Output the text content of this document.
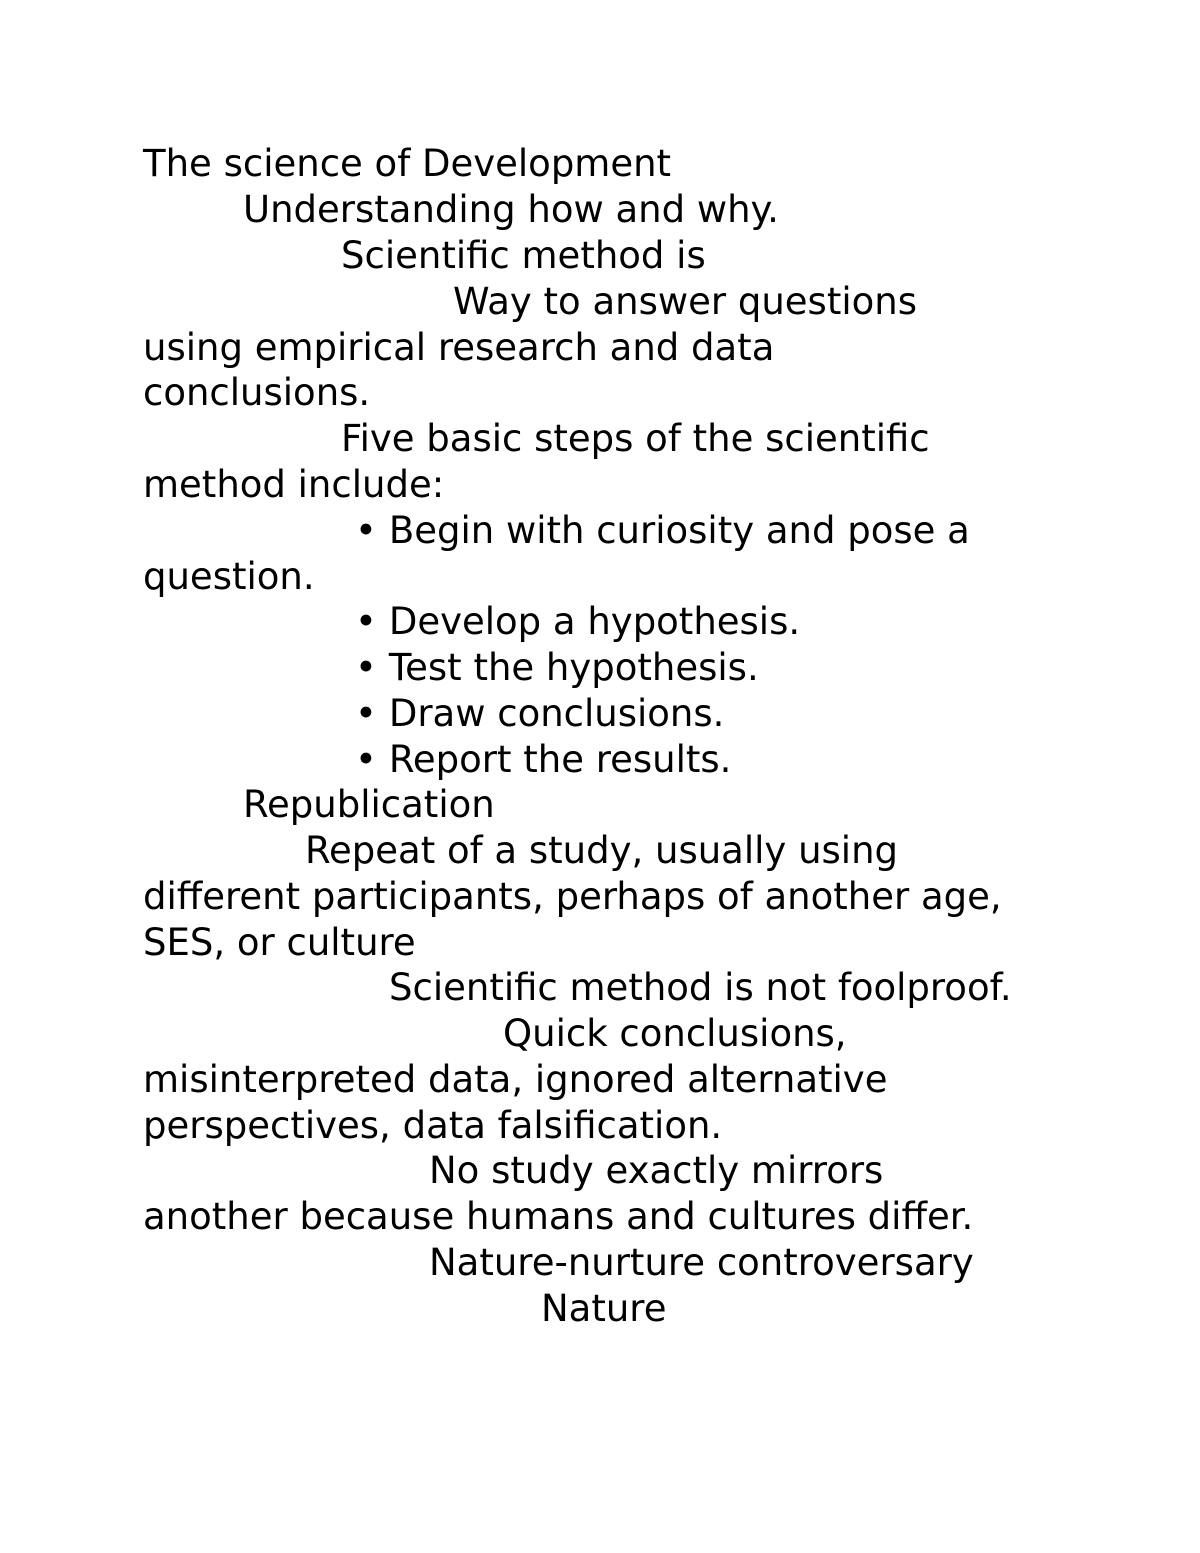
The science of Development

Understanding how and why.

Scientific method is

Way to answer questions

using empirical research and data

conclusions.

Five basic steps of the scientific

method include:

• Begin with curiosity and pose a

question.

• Develop a hypothesis.

• Test the hypothesis.

• Draw conclusions.

• Report the results.

Republication

Repeat of a study, usually using

different participants, perhaps of another age,

SES, or culture

Scientific method is not foolproof.

Quick conclusions,

misinterpreted data, ignored alternative

perspectives, data falsification.

No study exactly mirrors

another because humans and cultures differ.

Nature-nurture controversary

Nature
